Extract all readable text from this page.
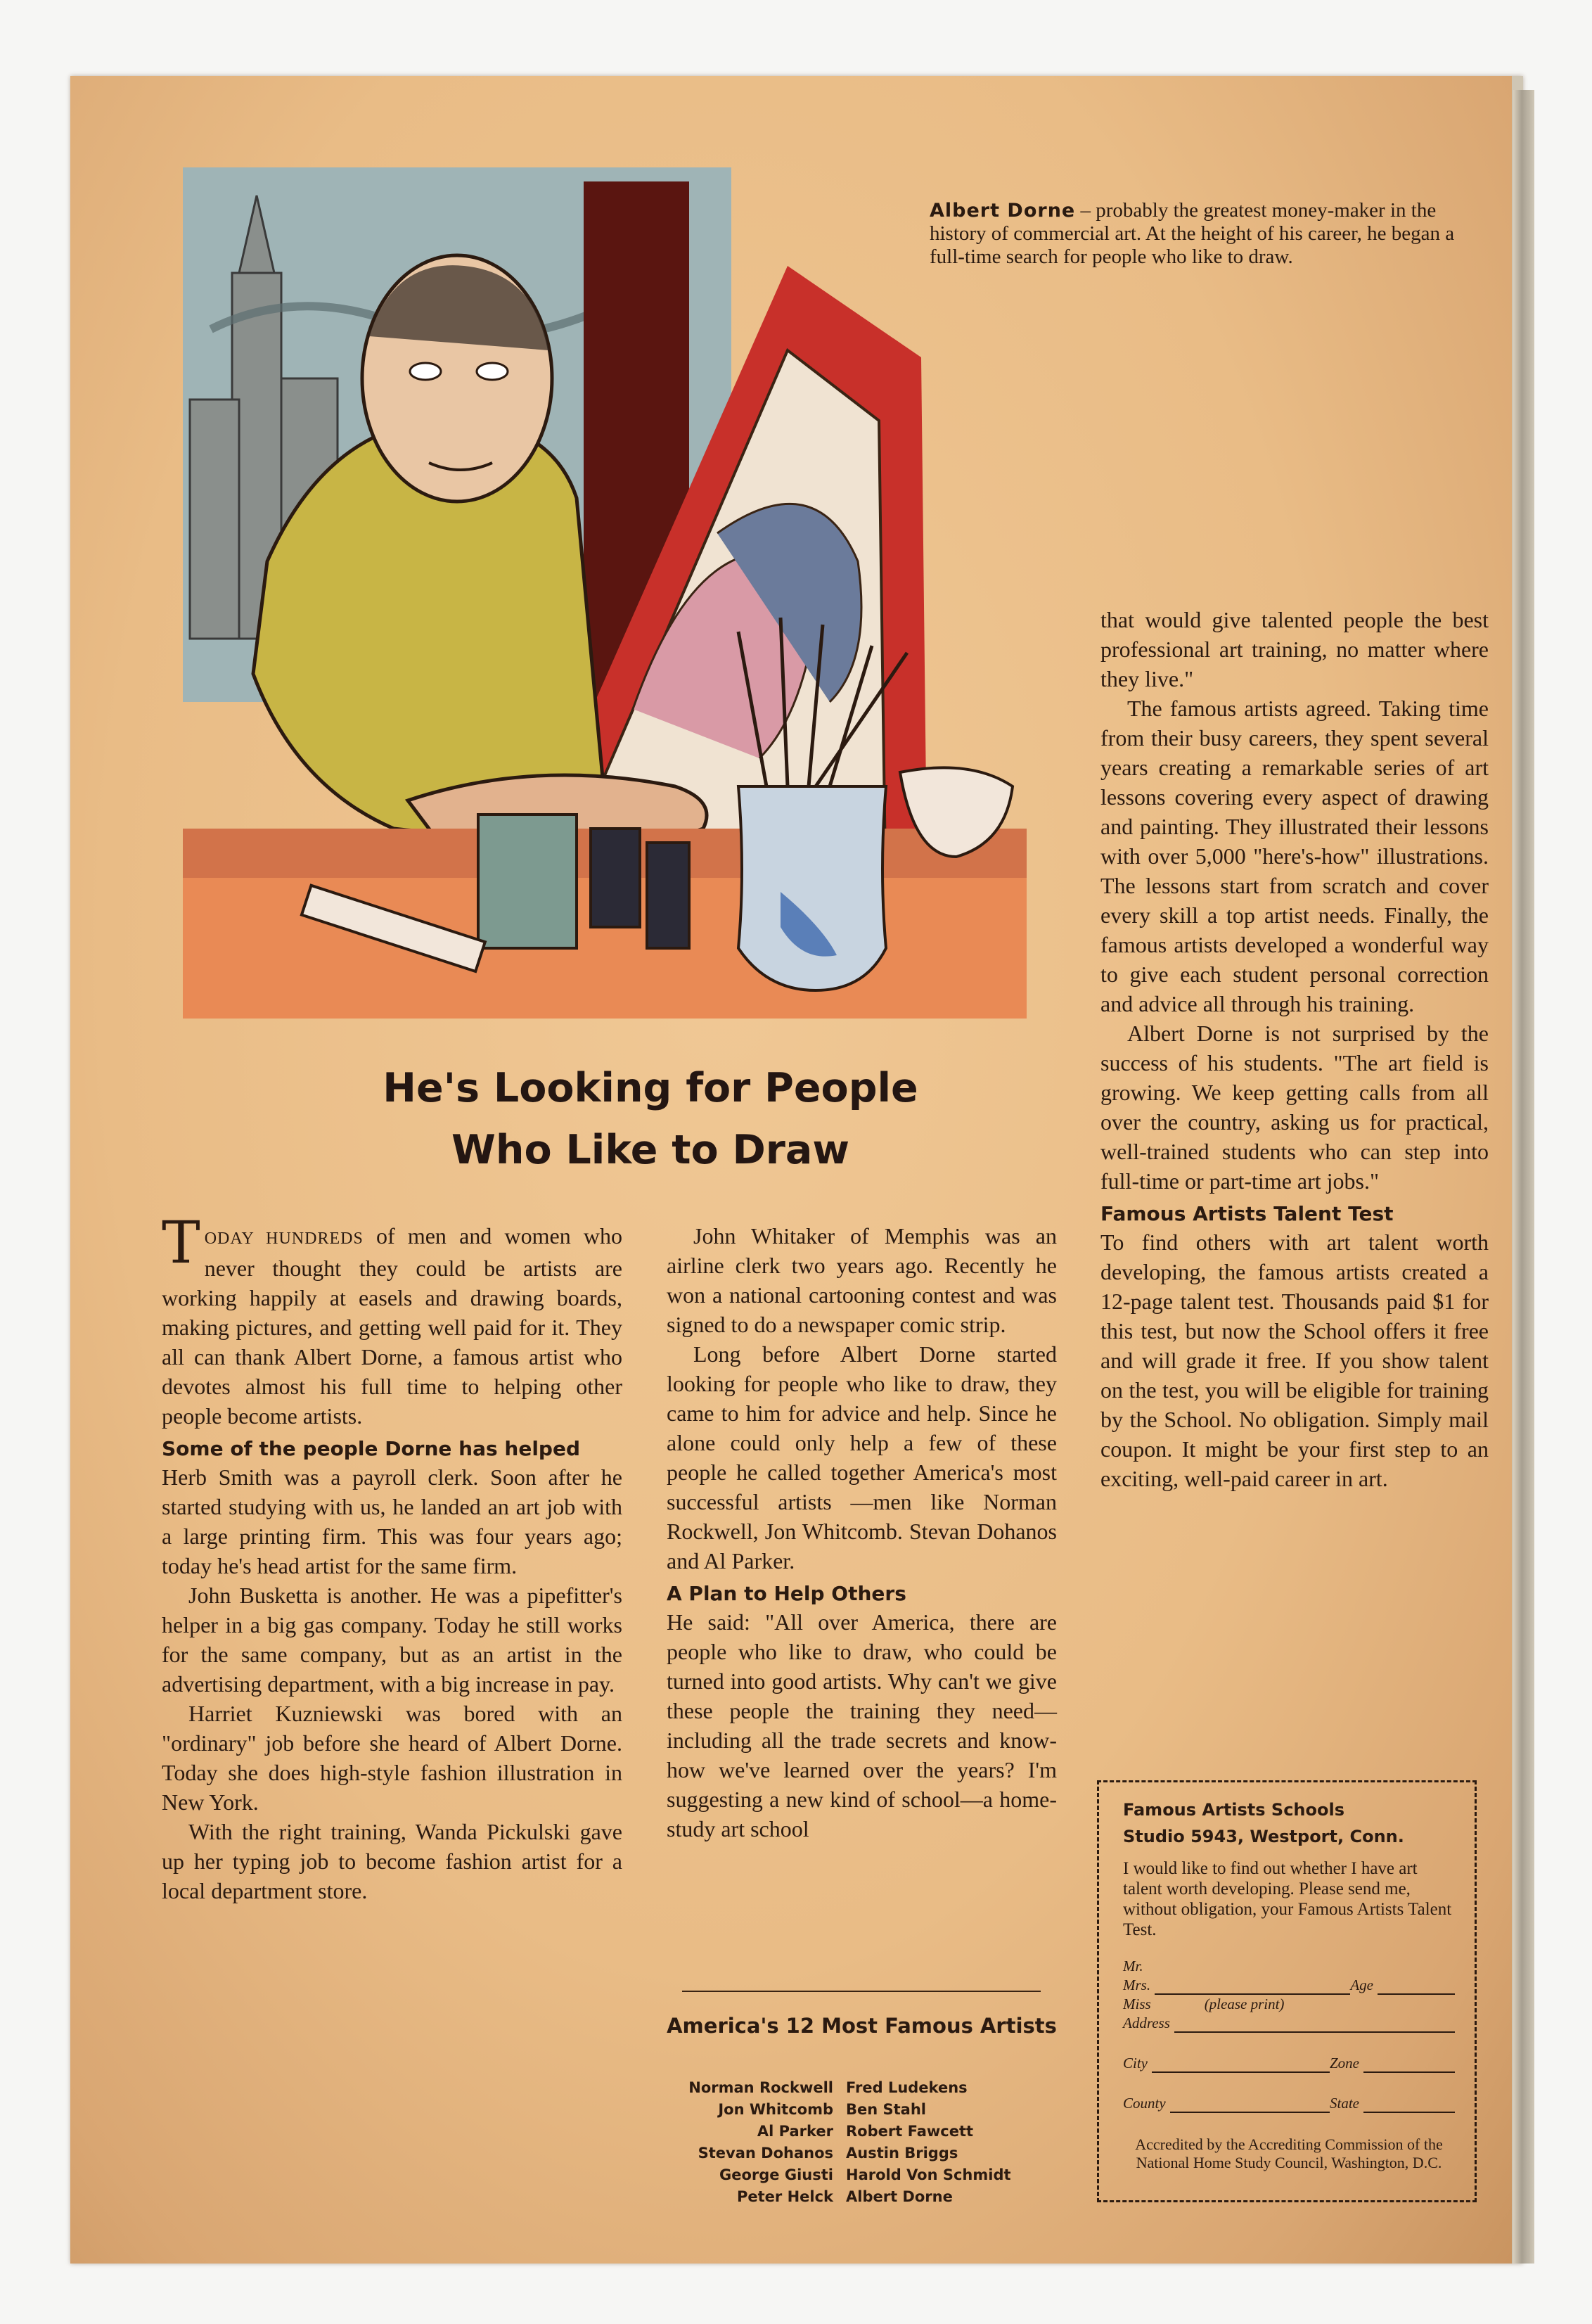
Albert Dorne – probably the greatest money-maker in the history of commercial art. At the height of his career, he began a full-time search for people who like to draw.
He's Looking for People
Who Like to Draw

TODAY HUNDREDS of men and women who never thought they could be artists are working happily at easels and drawing boards, making pictures, and getting well paid for it. They all can thank Albert Dorne, a famous artist who devotes almost his full time to helping other people become artists.

Some of the people Dorne has helped

Herb Smith was a payroll clerk. Soon after he started studying with us, he landed an art job with a large printing firm. This was four years ago; today he's head artist for the same firm.

John Busketta is another. He was a pipefitter's helper in a big gas company. Today he still works for the same company, but as an artist in the advertising department, with a big increase in pay.

Harriet Kuzniewski was bored with an "ordinary" job before she heard of Albert Dorne. Today she does high-style fashion illustration in New York.

With the right training, Wanda Pickulski gave up her typing job to become fashion artist for a local department store.

John Whitaker of Memphis was an airline clerk two years ago. Recently he won a national cartooning contest and was signed to do a newspaper comic strip.

Long before Albert Dorne started looking for people who like to draw, they came to him for advice and help. Since he alone could only help a few of these people he called together America's most successful artists —men like Norman Rockwell, Jon Whitcomb. Stevan Dohanos and Al Parker.

A Plan to Help Others

He said: "All over America, there are people who like to draw, who could be turned into good artists. Why can't we give these people the training they need—including all the trade secrets and know-how we've learned over the years? I'm suggesting a new kind of school—a home-study art school

America's 12 Most Famous Artists
Norman Rockwell Fred Ludekens
Jon Whitcomb Ben Stahl
Al Parker Robert Fawcett
Stevan Dohanos Austin Briggs
George Giusti Harold Von Schmidt
Peter Helck Albert Dorne

that would give talented people the best professional art training, no matter where they live."

The famous artists agreed. Taking time from their busy careers, they spent several years creating a remarkable series of art lessons covering every aspect of drawing and painting. They illustrated their lessons with over 5,000 "here's-how" illustrations. The lessons start from scratch and cover every skill a top artist needs. Finally, the famous artists developed a wonderful way to give each student personal correction and advice all through his training.

Albert Dorne is not surprised by the success of his students. "The art field is growing. We keep getting calls from all over the country, asking us for practical, well-trained students who can step into full-time or part-time art jobs."

Famous Artists Talent Test

To find others with art talent worth developing, the famous artists created a 12-page talent test. Thousands paid $1 for this test, but now the School offers it free and will grade it free. If you show talent on the test, you will be eligible for training by the School. No obligation. Simply mail coupon. It might be your first step to an exciting, well-paid career in art.

Famous Artists Schools
Studio 5943, Westport, Conn.
I would like to find out whether I have art talent worth developing. Please send me, without obligation, your Famous Artists Talent Test.
Mr.
Mrs.	Age
Miss	(please print)
Address
City	Zone
County	State
Accredited by the Accrediting Commission of the National Home Study Council, Washington, D.C.
